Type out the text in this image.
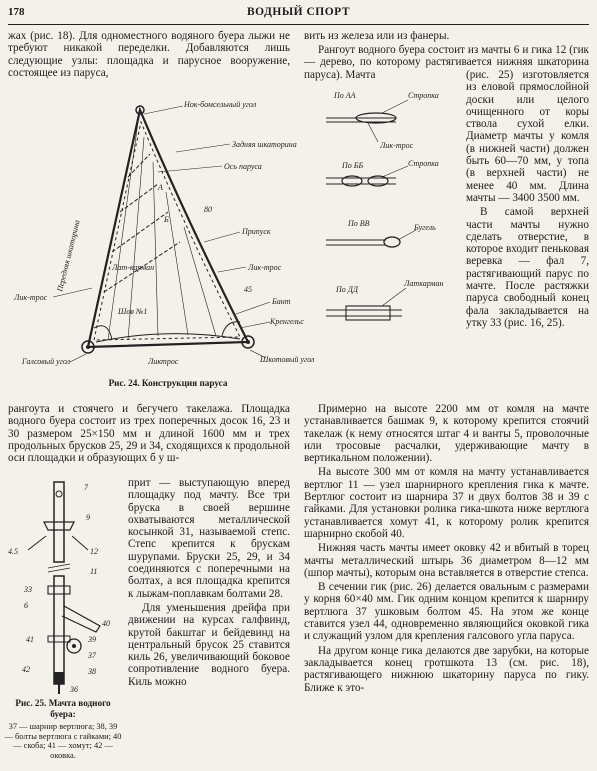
178	ВОДНЫЙ СПОРТ

жах (рис. 18). Для одноместного водяного буера лыжи не требуют никакой переделки. Добавляются лишь следующие узлы: площадка и парусное вооружение, состоящее из паруса,

Нок-бомсельный угол
Задняя шкаторина
Ось паруса
Припуск
Лик-трос
Бант
Кренгельс
Лик-трос
Лат-карман
Шов №1
Галсовый угол	Шкотовый угол
Ликтрос
Передняя шкаторина
А
Б
80
45
Рис. 24. Конструкция паруса

вить из железа или из фанеры.

Рангоут водного буера состоит из мачты 6 и гика 12 (гик — дерево, по которому растягивается нижняя шкаторина паруса). Мачта	(рис. 25) изготовляется из еловой прямослойной доски или целого очищенного от коры ствола сухой елки. Диаметр мачты у комля (в нижней части) должен быть 60—70 мм, у топа (в верхней части) не менее 40 мм. Длина мачты — 3400 3500 мм.

В самой верхней части мачты нужно сделать отверстие, в которое входит пеньковая веревка — фал 7, растягивающий парус по мачте. После растяжки паруса свободный конец фала закладывается на утку 33 (рис. 16, 25).

По АА	Стропка
Лик-трос
По ББ	Стропка
По ВВ	Бугель
По ДД
Латкарман

рангоута и стоячего и бегучего такелажа. Площадка водного буера состоит из трех поперечных досок 16, 23 и 30 размером 25×150 мм и длиной 1600 мм и трех продольных брусков 25, 29 и 34, сходящихся к продольной оси площадки и образующих б у ш-

7
9
4.5	12
11
33
6
40
41	39
37
42	38
36
Рис. 25. Мачта водного буера:
37 — шарнир вертлюга; 38, 39 — болты вертлюга с гайками; 40 — скоба; 41 — хомут; 42 — оковка.

прит — выступающую вперед площадку под мачту. Все три бруска в своей вершине охватываются металлической косынкой 31, называемой степс. Степс крепится к брускам шурупами. Бруски 25, 29, и 34 соединяются с поперечными на болтах, а вся площадка крепится к лыжам-поплавкам болтами 28.

Для уменьшения дрейфа при движении на курсах галфвинд, крутой бакштаг и бейдевинд на центральный брусок 25 ставится киль 26, увеличивающий боковое сопротивление водного буера. Киль можно

Примерно на высоте 2200 мм от комля на мачте устанавливается башмак 9, к которому крепится стоячий такелаж (к нему относятся штаг 4 и ванты 5, проволочные или тросовые расчалки, удерживающие мачту в вертикальном положении).

На высоте 300 мм от комля на мачту устанавливается вертлюг 11 — узел шарнирного крепления гика к мачте. Вертлюг состоит из шарнира 37 и двух болтов 38 и 39 с гайками. Для установки ролика гика-шкота ниже вертлюга устанавливается хомут 41, к которому ролик крепится шарнирно скобой 40.

Нижняя часть мачты имеет оковку 42 и вбитый в торец мачты металлический штырь 36 диаметром 8—12 мм (шпор мачты), которым она вставляется в отверстие степса.

В сечении гик (рис. 26) делается овальным с размерами у корня 60×40 мм. Гик одним концом крепится к шарниру вертлюга 37 ушковым болтом 45. На этом же конце ставится узел 44, одновременно являющийся оковкой гика и служащий узлом для крепления галсового угла паруса.

На другом конце гика делаются две зарубки, на которые закладывается конец гротшкота 13 (см. рис. 18), растягивающего нижнюю шкаторину паруса по гику. Ближе к это-
